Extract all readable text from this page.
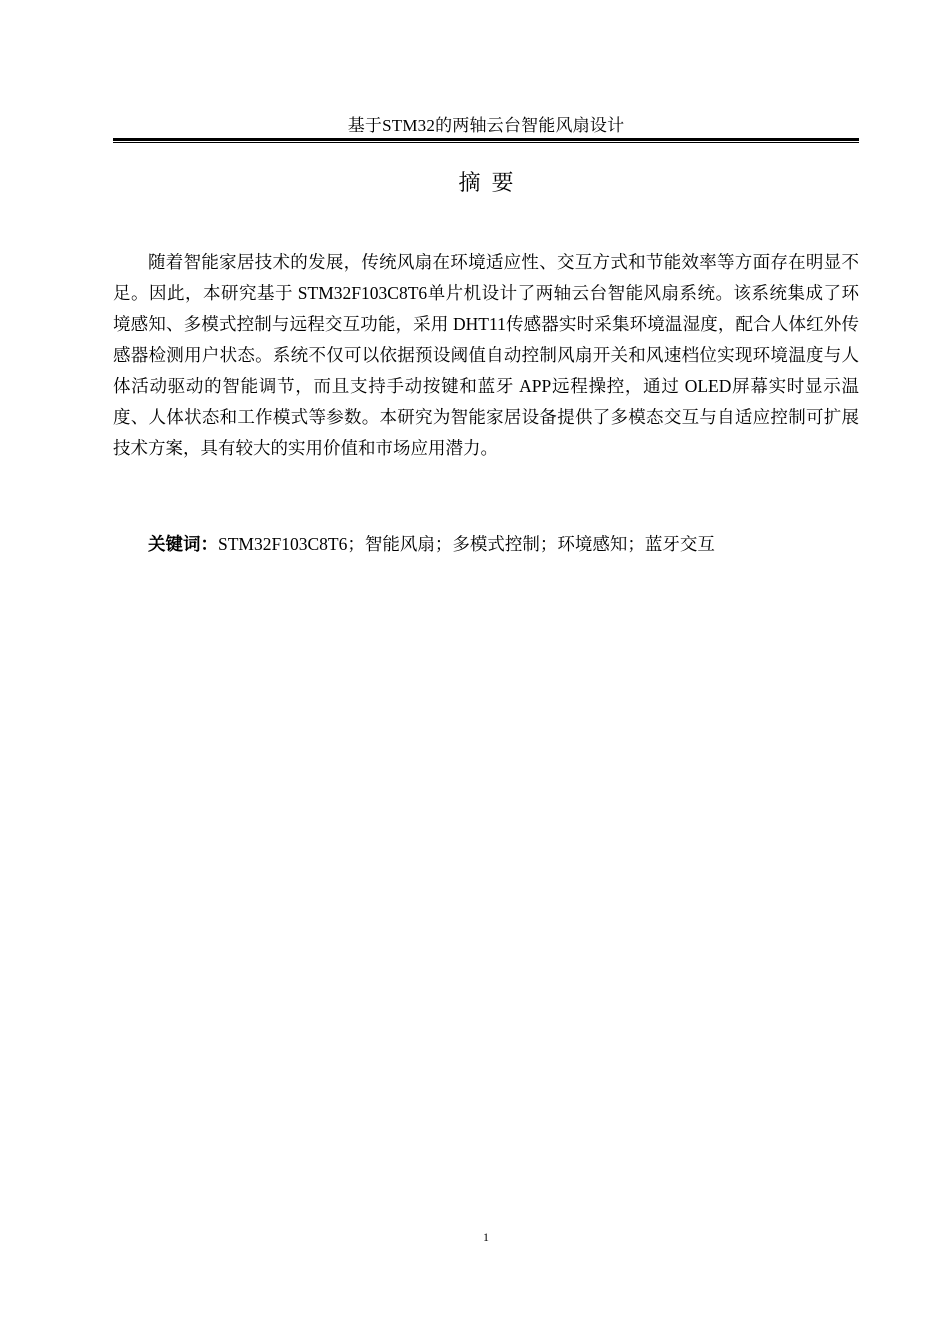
基于STM32的两轴云台智能风扇设计
摘要

随着智能家居技术的发展，传统风扇在环境适应性、交互方式和节能效率等方面存在明显不足。因此，本研究基于 STM32F103C8T6单片机设计了两轴云台智能风扇系统。该系统集成了环境感知、多模式控制与远程交互功能，采用 DHT11传感器实时采集环境温湿度，配合人体红外传感器检测用户状态。系统不仅可以依据预设阈值自动控制风扇开关和风速档位实现环境温度与人体活动驱动的智能调节，而且支持手动按键和蓝牙 APP远程操控，通过 OLED屏幕实时显示温度、人体状态和工作模式等参数。本研究为智能家居设备提供了多模态交互与自适应控制可扩展技术方案，具有较大的实用价值和市场应用潜力。

关键词：STM32F103C8T6；智能风扇；多模式控制；环境感知；蓝牙交互
1
